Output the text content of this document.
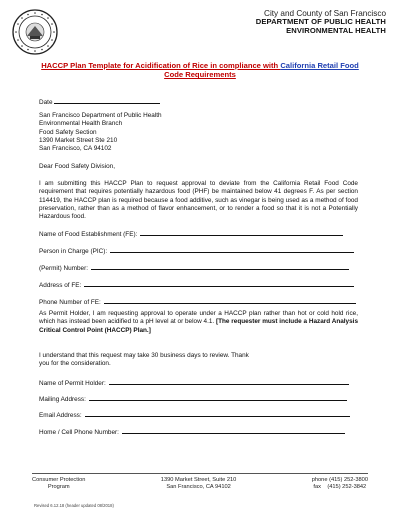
City and County of San Francisco
DEPARTMENT OF PUBLIC HEALTH
ENVIRONMENTAL HEALTH
HACCP Plan Template for Acidification of Rice in compliance with California Retail Food
Code Requirements
Date
San Francisco Department of Public Health
Environmental Health Branch
Food Safety Section
1390 Market Street Ste 210
San Francisco, CA 94102
Dear Food Safety Division,
I am submitting this HACCP Plan to request approval to deviate from the California Retail Food Code requirement that requires potentially hazardous food (PHF) be maintained below 41 degrees F. As per section 114419, the HACCP plan is required because a food additive, such as vinegar is being used as a method of food preservation, rather than as a method of flavor enhancement, or to render a food so that it is not a Potentially Hazardous food.
Name of Food Establishment (FE):
Person in Charge (PIC):
(Permit) Number:
Address of FE:
Phone Number of FE:
As Permit Holder, I am requesting approval to operate under a HACCP plan rather than hot or cold hold rice, which has instead been acidified to a pH level at or below 4.1. [The requester must include a Hazard Analysis Critical Control Point (HACCP) Plan.]
I understand that this request may take 30 business days to review. Thank
you for the consideration.
Name of Permit Holder:
Mailing Address:
Email Address:
Home / Cell Phone Number:
Consumer Protection
Program
1390 Market Street, Suite 210
San Francisco, CA 94102
phone (415) 252-3800
fax    (415) 252-3842
Revised 6.12.18 (header updated 08/2018)
